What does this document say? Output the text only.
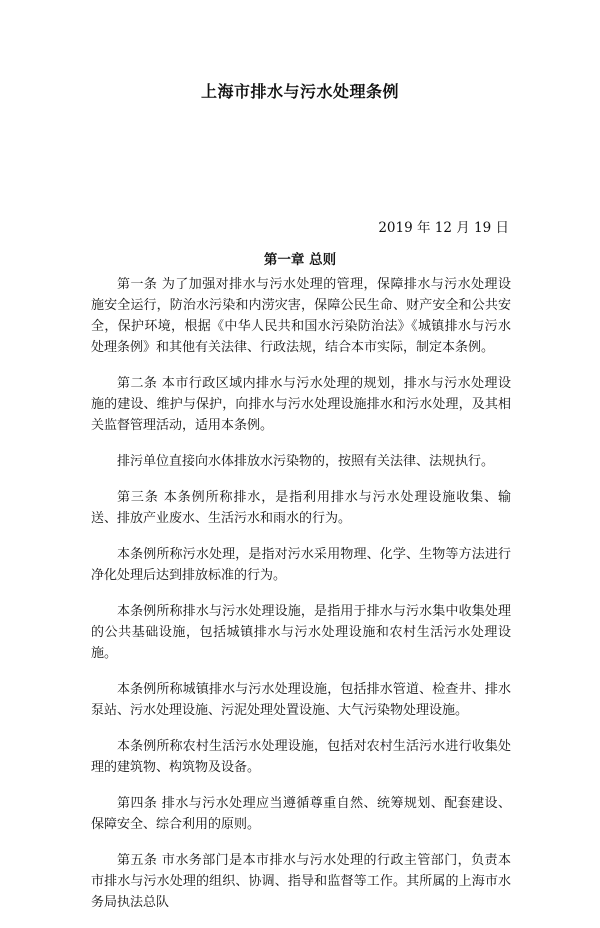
上海市排水与污水处理条例

2019 年 12 月 19 日

第一章 总则

第一条 为了加强对排水与污水处理的管理，保障排水与污水处理设施安全运行，防治水污染和内涝灾害，保障公民生命、财产安全和公共安全，保护环境，根据《中华人民共和国水污染防治法》《城镇排水与污水处理条例》和其他有关法律、行政法规，结合本市实际，制定本条例。

第二条 本市行政区域内排水与污水处理的规划，排水与污水处理设施的建设、维护与保护，向排水与污水处理设施排水和污水处理，及其相关监督管理活动，适用本条例。

排污单位直接向水体排放水污染物的，按照有关法律、法规执行。

第三条 本条例所称排水，是指利用排水与污水处理设施收集、输送、排放产业废水、生活污水和雨水的行为。

本条例所称污水处理，是指对污水采用物理、化学、生物等方法进行净化处理后达到排放标准的行为。

本条例所称排水与污水处理设施，是指用于排水与污水集中收集处理的公共基础设施，包括城镇排水与污水处理设施和农村生活污水处理设施。

本条例所称城镇排水与污水处理设施，包括排水管道、检查井、排水泵站、污水处理设施、污泥处理处置设施、大气污染物处理设施。

本条例所称农村生活污水处理设施，包括对农村生活污水进行收集处理的建筑物、构筑物及设备。

第四条 排水与污水处理应当遵循尊重自然、统筹规划、配套建设、保障安全、综合利用的原则。

第五条 市水务部门是本市排水与污水处理的行政主管部门，负责本市排水与污水处理的组织、协调、指导和监督等工作。其所属的上海市水务局执法总队
